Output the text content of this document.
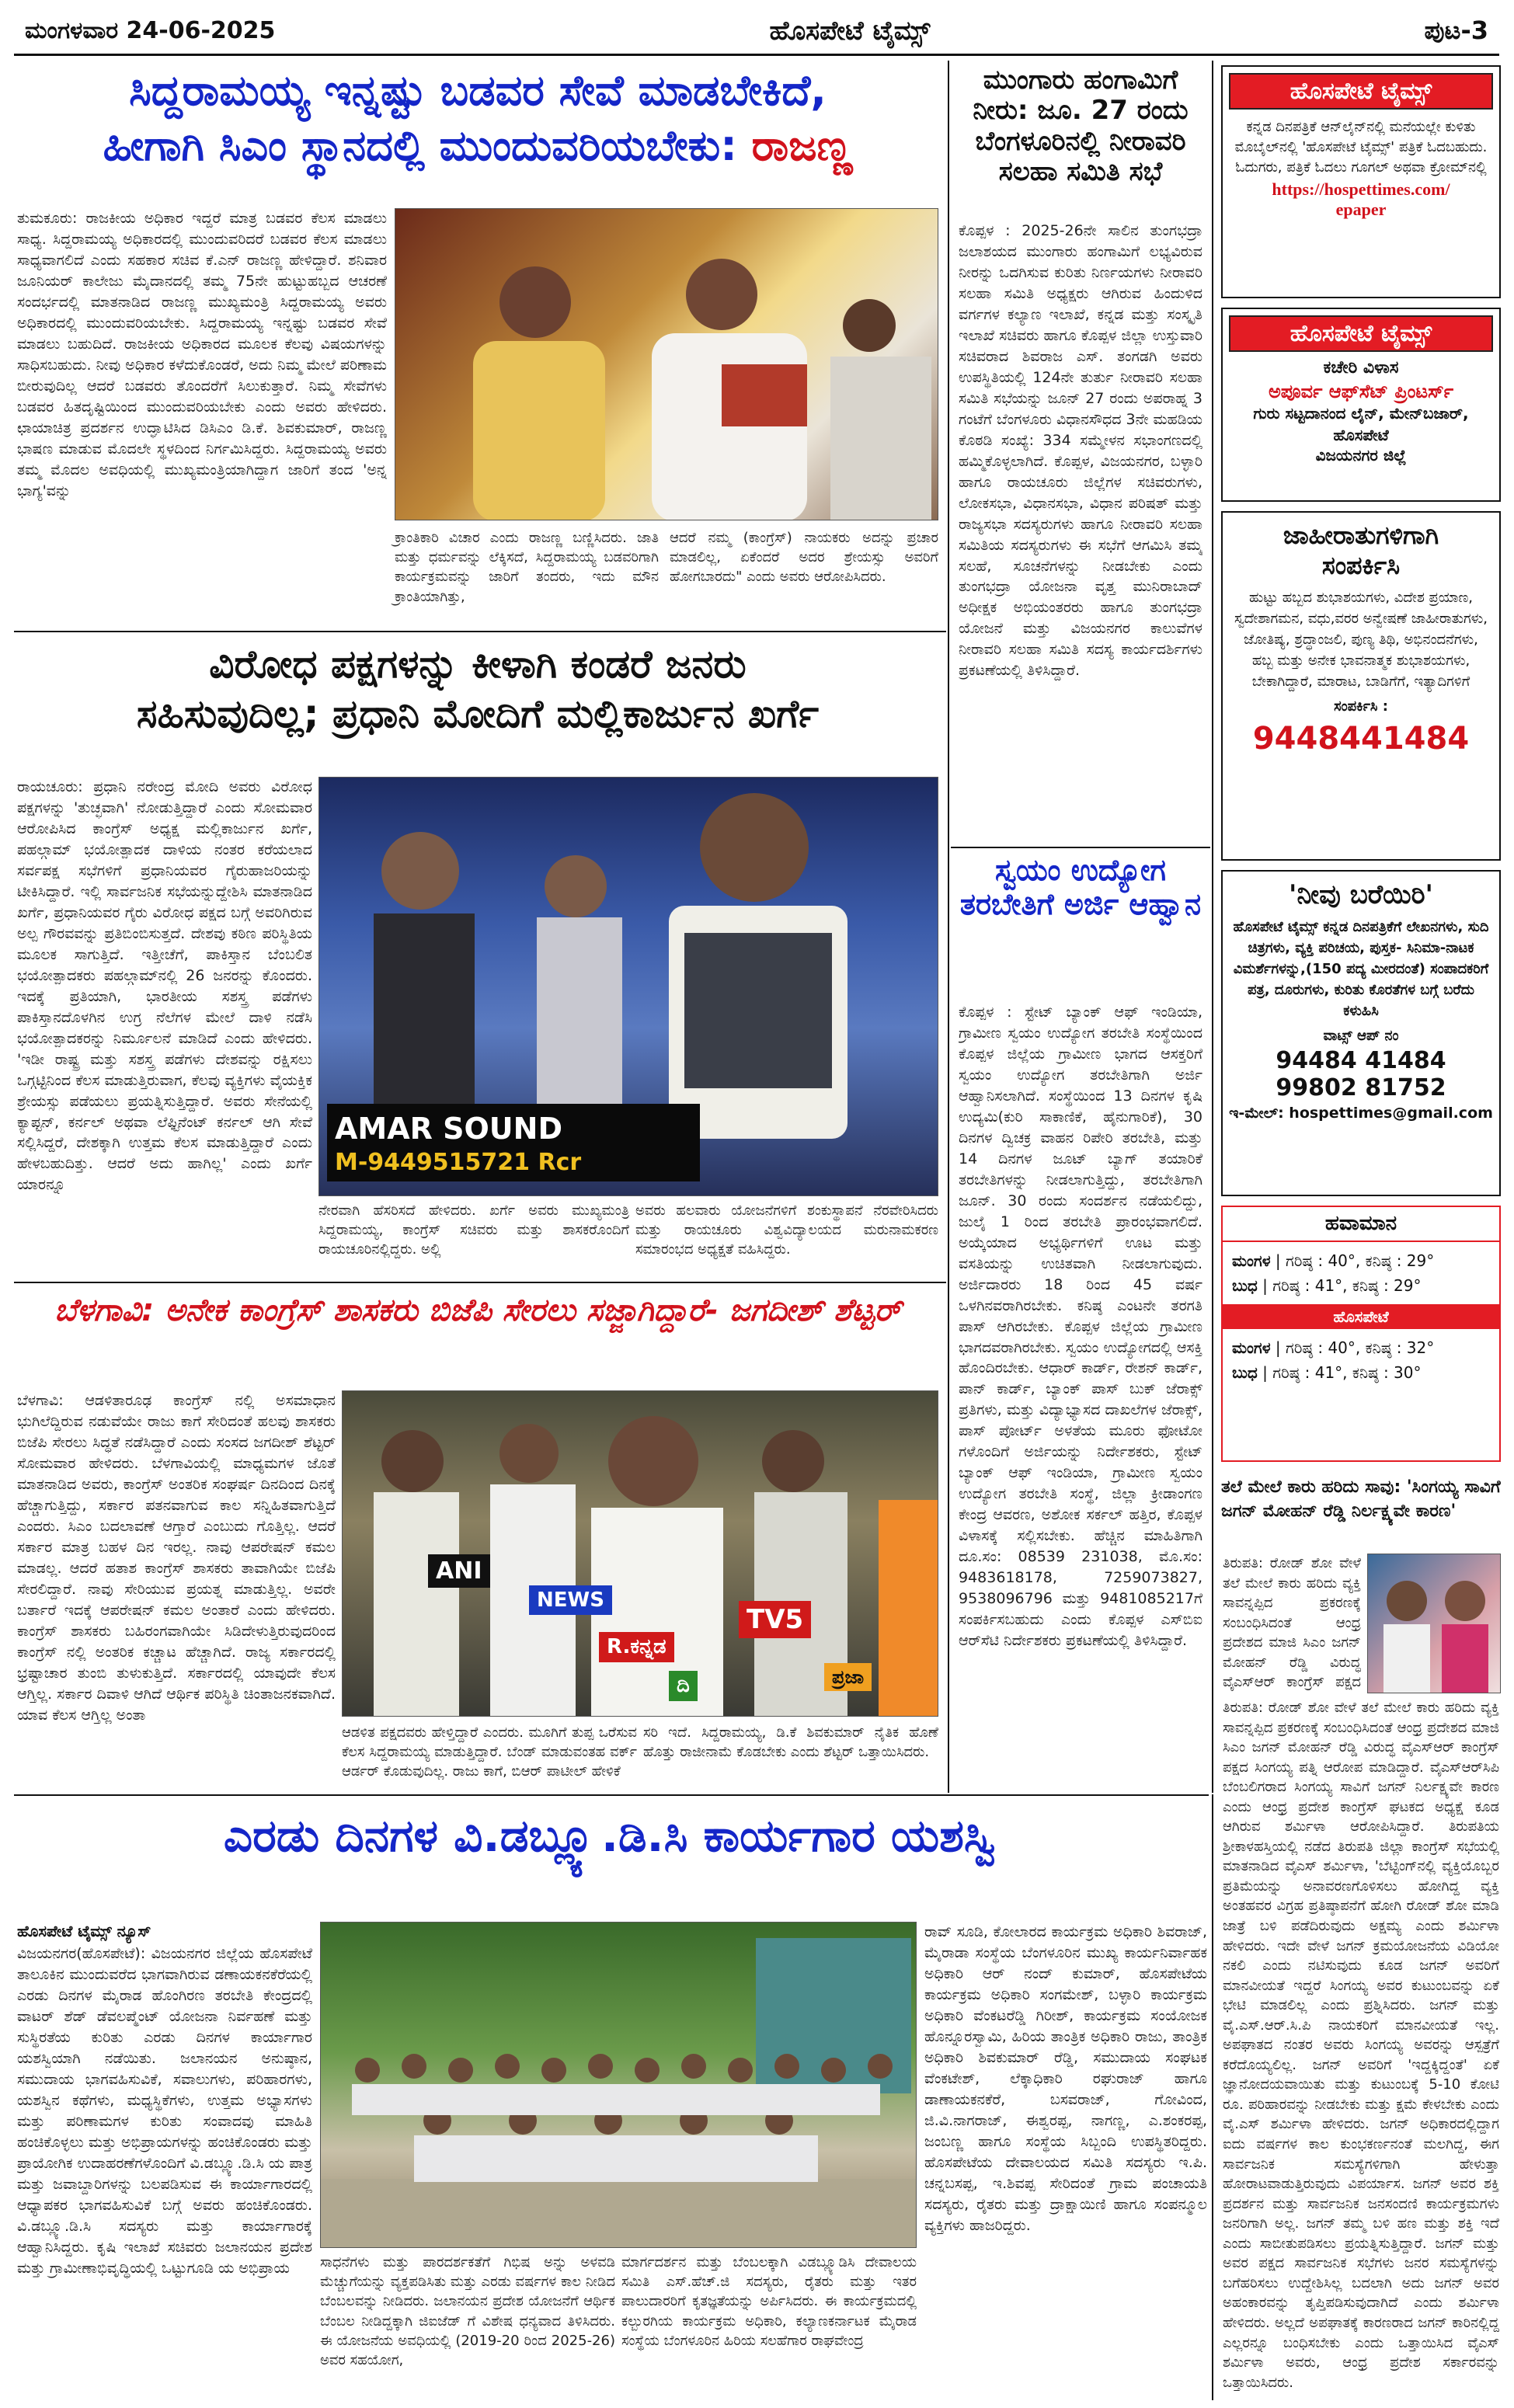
ಮಂಗಳವಾರ 24-06-2025	ಹೊಸಪೇಟೆ ಟೈಮ್ಸ್	ಪುಟ-3
ಸಿದ್ದರಾಮಯ್ಯ ಇನ್ನಷ್ಟು ಬಡವರ ಸೇವೆ ಮಾಡಬೇಕಿದೆ,
ಹೀಗಾಗಿ ಸಿಎಂ ಸ್ಥಾನದಲ್ಲಿ ಮುಂದುವರಿಯಬೇಕು: ರಾಜಣ್ಣ
ತುಮಕೂರು: ರಾಜಕೀಯ ಅಧಿಕಾರ ಇದ್ದರೆ ಮಾತ್ರ ಬಡವರ ಕೆಲಸ ಮಾಡಲು ಸಾಧ್ಯ. ಸಿದ್ದರಾಮಯ್ಯ ಅಧಿಕಾರದಲ್ಲಿ ಮುಂದುವರಿದರೆ ಬಡವರ ಕೆಲಸ ಮಾಡಲು ಸಾಧ್ಯವಾಗಲಿದೆ ಎಂದು ಸಹಕಾರ ಸಚಿವ ಕೆ.ಎನ್ ರಾಜಣ್ಣ ಹೇಳಿದ್ದಾರೆ. ಶನಿವಾರ ಜೂನಿಯರ್ ಕಾಲೇಜು ಮೈದಾನದಲ್ಲಿ ತಮ್ಮ 75ನೇ ಹುಟ್ಟುಹಬ್ಬದ ಆಚರಣೆ ಸಂದರ್ಭದಲ್ಲಿ ಮಾತನಾಡಿದ ರಾಜಣ್ಣ ಮುಖ್ಯಮಂತ್ರಿ ಸಿದ್ದರಾಮಯ್ಯ ಅವರು ಅಧಿಕಾರದಲ್ಲಿ ಮುಂದುವರಿಯಬೇಕು. ಸಿದ್ದರಾಮಯ್ಯ ಇನ್ನಷ್ಟು ಬಡವರ ಸೇವೆ ಮಾಡಲು ಬಹುದಿದೆ. ರಾಜಕೀಯ ಅಧಿಕಾರದ ಮೂಲಕ ಕೆಲವು ವಿಷಯಗಳನ್ನು ಸಾಧಿಸಬಹುದು. ನೀವು ಅಧಿಕಾರ ಕಳೆದುಕೊಂಡರೆ, ಅದು ನಿಮ್ಮ ಮೇಲೆ ಪರಿಣಾಮ ಬೀರುವುದಿಲ್ಲ ಆದರೆ ಬಡವರು ತೊಂದರೆಗೆ ಸಿಲುಕುತ್ತಾರೆ. ನಿಮ್ಮ ಸೇವೆಗಳು ಬಡವರ ಹಿತದೃಷ್ಟಿಯಿಂದ ಮುಂದುವರಿಯಬೇಕು ಎಂದು ಅವರು ಹೇಳಿದರು. ಛಾಯಾಚಿತ್ರ ಪ್ರದರ್ಶನ ಉದ್ಘಾಟಿಸಿದ ಡಿಸಿಎಂ ಡಿ.ಕೆ. ಶಿವಕುಮಾರ್, ರಾಜಣ್ಣ ಭಾಷಣ ಮಾಡುವ ಮೊದಲೇ ಸ್ಥಳದಿಂದ ನಿರ್ಗಮಿಸಿದ್ದರು. ಸಿದ್ದರಾಮಯ್ಯ ಅವರು ತಮ್ಮ ಮೊದಲ ಅವಧಿಯಲ್ಲಿ ಮುಖ್ಯಮಂತ್ರಿಯಾಗಿದ್ದಾಗ ಜಾರಿಗೆ ತಂದ 'ಅನ್ನ ಭಾಗ್ಯ'ವನ್ನು
ಕ್ರಾಂತಿಕಾರಿ ವಿಚಾರ ಎಂದು ರಾಜಣ್ಣ ಬಣ್ಣಿಸಿದರು. ಜಾತಿ ಮತ್ತು ಧರ್ಮವನ್ನು ಲೆಕ್ಕಿಸದೆ, ಸಿದ್ದರಾಮಯ್ಯ ಬಡವರಿಗಾಗಿ ಕಾರ್ಯಕ್ರಮವನ್ನು ಜಾರಿಗೆ ತಂದರು, ಇದು ಮೌನ ಕ್ರಾಂತಿಯಾಗಿತ್ತು,
ಆದರೆ ನಮ್ಮ (ಕಾಂಗ್ರೆಸ್) ನಾಯಕರು ಅದನ್ನು ಪ್ರಚಾರ ಮಾಡಲಿಲ್ಲ, ಏಕೆಂದರೆ ಅದರ ಶ್ರೇಯಸ್ಸು ಅವರಿಗೆ ಹೋಗಬಾರದು" ಎಂದು ಅವರು ಆರೋಪಿಸಿದರು.
ವಿರೋಧ ಪಕ್ಷಗಳನ್ನು ಕೀಳಾಗಿ ಕಂಡರೆ ಜನರು
ಸಹಿಸುವುದಿಲ್ಲ; ಪ್ರಧಾನಿ ಮೋದಿಗೆ ಮಲ್ಲಿಕಾರ್ಜುನ ಖರ್ಗೆ
ರಾಯಚೂರು: ಪ್ರಧಾನಿ ನರೇಂದ್ರ ಮೋದಿ ಅವರು ವಿರೋಧ ಪಕ್ಷಗಳನ್ನು 'ತುಚ್ಛವಾಗಿ' ನೋಡುತ್ತಿದ್ದಾರೆ ಎಂದು ಸೋಮವಾರ ಆರೋಪಿಸಿದ ಕಾಂಗ್ರೆಸ್ ಅಧ್ಯಕ್ಷ ಮಲ್ಲಿಕಾರ್ಜುನ ಖರ್ಗೆ, ಪಹಲ್ಗಾಮ್ ಭಯೋತ್ಪಾದಕ ದಾಳಿಯ ನಂತರ ಕರೆಯಲಾದ ಸರ್ವಪಕ್ಷ ಸಭೆಗಳಿಗೆ ಪ್ರಧಾನಿಯವರ ಗೈರುಹಾಜರಿಯನ್ನು ಟೀಕಿಸಿದ್ದಾರೆ. ಇಲ್ಲಿ ಸಾರ್ವಜನಿಕ ಸಭೆಯನ್ನುದ್ದೇಶಿಸಿ ಮಾತನಾಡಿದ ಖರ್ಗೆ, ಪ್ರಧಾನಿಯವರ ಗೈರು ವಿರೋಧ ಪಕ್ಷದ ಬಗ್ಗೆ ಅವರಿಗಿರುವ ಅಲ್ಪ ಗೌರವವನ್ನು ಪ್ರತಿಬಿಂಬಿಸುತ್ತದೆ. ದೇಶವು ಕಠಿಣ ಪರಿಸ್ಥಿತಿಯ ಮೂಲಕ ಸಾಗುತ್ತಿದೆ. ಇತ್ತೀಚೆಗೆ, ಪಾಕಿಸ್ತಾನ ಬೆಂಬಲಿತ ಭಯೋತ್ಪಾದಕರು ಪಹಲ್ಗಾಮ್‌ನಲ್ಲಿ 26 ಜನರನ್ನು ಕೊಂದರು. ಇದಕ್ಕೆ ಪ್ರತಿಯಾಗಿ, ಭಾರತೀಯ ಸಶಸ್ತ್ರ ಪಡೆಗಳು ಪಾಕಿಸ್ತಾನದೊಳಗಿನ ಉಗ್ರ ನೆಲೆಗಳ ಮೇಲೆ ದಾಳಿ ನಡೆಸಿ ಭಯೋತ್ಪಾದಕರನ್ನು ನಿರ್ಮೂಲನೆ ಮಾಡಿದೆ ಎಂದು ಹೇಳಿದರು. 'ಇಡೀ ರಾಷ್ಟ್ರ ಮತ್ತು ಸಶಸ್ತ್ರ ಪಡೆಗಳು ದೇಶವನ್ನು ರಕ್ಷಿಸಲು ಒಗ್ಗಟ್ಟಿನಿಂದ ಕೆಲಸ ಮಾಡುತ್ತಿರುವಾಗ, ಕೆಲವು ವ್ಯಕ್ತಿಗಳು ವೈಯಕ್ತಿಕ ಶ್ರೇಯಸ್ಸು ಪಡೆಯಲು ಪ್ರಯತ್ನಿಸುತ್ತಿದ್ದಾರೆ. ಅವರು ಸೇನೆಯಲ್ಲಿ ಕ್ಯಾಪ್ಟನ್, ಕರ್ನಲ್ ಅಥವಾ ಲೆಫ್ಟಿನೆಂಟ್ ಕರ್ನಲ್ ಆಗಿ ಸೇವೆ ಸಲ್ಲಿಸಿದ್ದರೆ, ದೇಶಕ್ಕಾಗಿ ಉತ್ತಮ ಕೆಲಸ ಮಾಡುತ್ತಿದ್ದಾರೆ ಎಂದು ಹೇಳಬಹುದಿತ್ತು. ಆದರೆ ಅದು ಹಾಗಿಲ್ಲ' ಎಂದು ಖರ್ಗೆ ಯಾರನ್ನೂ
AMAR SOUND
M-9449515721 Rcr
ನೇರವಾಗಿ ಹೆಸರಿಸದೆ ಹೇಳಿದರು. ಖರ್ಗೆ ಅವರು ಮುಖ್ಯಮಂತ್ರಿ ಸಿದ್ದರಾಮಯ್ಯ, ಕಾಂಗ್ರೆಸ್ ಸಚಿವರು ಮತ್ತು ಶಾಸಕರೊಂದಿಗೆ ರಾಯಚೂರಿನಲ್ಲಿದ್ದರು. ಅಲ್ಲಿ
ಅವರು ಹಲವಾರು ಯೋಜನೆಗಳಿಗೆ ಶಂಕುಸ್ಥಾಪನೆ ನೆರವೇರಿಸಿದರು ಮತ್ತು ರಾಯಚೂರು ವಿಶ್ವವಿದ್ಯಾಲಯದ ಮರುನಾಮಕರಣ ಸಮಾರಂಭದ ಅಧ್ಯಕ್ಷತೆ ವಹಿಸಿದ್ದರು.
ಬೆಳಗಾವಿ: ಅನೇಕ ಕಾಂಗ್ರೆಸ್ ಶಾಸಕರು ಬಿಜೆಪಿ ಸೇರಲು ಸಜ್ಜಾಗಿದ್ದಾರೆ- ಜಗದೀಶ್ ಶೆಟ್ಟರ್
ಬೆಳಗಾವಿ: ಆಡಳಿತಾರೂಢ ಕಾಂಗ್ರೆಸ್ ನಲ್ಲಿ ಅಸಮಾಧಾನ ಭುಗಿಲೆದ್ದಿರುವ ನಡುವೆಯೇ ರಾಜು ಕಾಗೆ ಸೇರಿದಂತೆ ಹಲವು ಶಾಸಕರು ಬಿಜೆಪಿ ಸೇರಲು ಸಿದ್ಧತೆ ನಡೆಸಿದ್ದಾರೆ ಎಂದು ಸಂಸದ ಜಗದೀಶ್ ಶೆಟ್ಟರ್ ಸೋಮವಾರ ಹೇಳಿದರು. ಬೆಳಗಾವಿಯಲ್ಲಿ ಮಾಧ್ಯಮಗಳ ಜೊತೆ ಮಾತನಾಡಿದ ಅವರು, ಕಾಂಗ್ರೆಸ್ ಅಂತರಿಕ ಸಂಘರ್ಷ ದಿನದಿಂದ ದಿನಕ್ಕೆ ಹೆಚ್ಚಾಗುತ್ತಿದ್ದು, ಸರ್ಕಾರ ಪತನವಾಗುವ ಕಾಲ ಸನ್ನಿಹಿತವಾಗುತ್ತಿದೆ ಎಂದರು. ಸಿಎಂ ಬದಲಾವಣೆ ಆಗ್ತಾರೆ ಎಂಬುದು ಗೊತ್ತಿಲ್ಲ. ಆದರೆ ಸರ್ಕಾರ ಮಾತ್ರ ಬಹಳ ದಿನ ಇರಲ್ಲ. ನಾವು ಆಪರೇಷನ್ ಕಮಲ ಮಾಡಲ್ಲ. ಆದರೆ ಹತಾಶ ಕಾಂಗ್ರೆಸ್ ಶಾಸಕರು ತಾವಾಗಿಯೇ ಬಿಜೆಪಿ ಸೇರಲಿದ್ದಾರೆ. ನಾವು ಸೇರಿಯುವ ಪ್ರಯತ್ನ ಮಾಡುತ್ತಿಲ್ಲ. ಅವರೇ ಬರ್ತಾರೆ ಇದಕ್ಕೆ ಆಪರೇಷನ್ ಕಮಲ ಅಂತಾರೆ ಎಂದು ಹೇಳಿದರು. ಕಾಂಗ್ರೆಸ್ ಶಾಸಕರು ಬಹಿರಂಗವಾಗಿಯೇ ಸಿಡಿದೇಳುತ್ತಿರುವುದರಿಂದ ಕಾಂಗ್ರೆಸ್ ನಲ್ಲಿ ಅಂತರಿಕ ಕಚ್ಚಾಟ ಹೆಚ್ಚಾಗಿದೆ. ರಾಜ್ಯ ಸರ್ಕಾರದಲ್ಲಿ ಭ್ರಷ್ಟಾಚಾರ ತುಂಬಿ ತುಳುಕುತ್ತಿದೆ. ಸರ್ಕಾರದಲ್ಲಿ ಯಾವುದೇ ಕೆಲಸ ಆಗ್ತಿಲ್ಲ. ಸರ್ಕಾರ ದಿವಾಳಿ ಆಗಿದೆ ಆರ್ಥಿಕ ಪರಿಸ್ಥಿತಿ ಚಿಂತಾಜನಕವಾಗಿದೆ. ಯಾವ ಕೆಲಸ ಆಗ್ತಿಲ್ಲ ಅಂತಾ
ANI
NEWS
R.ಕನ್ನಡ
TV5
ದಿ	ಪ್ರಜಾ
ಆಡಳಿತ ಪಕ್ಷದವರು ಹೇಳ್ತಿದ್ದಾರೆ ಎಂದರು. ಮೂಗಿಗೆ ತುಪ್ಪ ಒರೆಸುವ ಕೆಲಸ ಸಿದ್ದರಾಮಯ್ಯ ಮಾಡುತ್ತಿದ್ದಾರೆ. ಬೆಂಡ್ ಮಾಡುವಂತಹ ವರ್ಕ್ ಆರ್ಡರ್ ಕೊಡುವುದಿಲ್ಲ. ರಾಜು ಕಾಗೆ, ಬಿಆರ್ ಪಾಟೀಲ್ ಹೇಳಿಕೆ
ಸರಿ ಇದೆ. ಸಿದ್ದರಾಮಯ್ಯ, ಡಿ.ಕೆ ಶಿವಕುಮಾರ್ ನೈತಿಕ ಹೊಣೆ ಹೊತ್ತು ರಾಜೀನಾಮೆ ಕೊಡಬೇಕು ಎಂದು ಶೆಟ್ಟರ್ ಒತ್ತಾಯಿಸಿದರು.
ಮುಂಗಾರು ಹಂಗಾಮಿಗೆ ನೀರು: ಜೂ. 27 ರಂದು ಬೆಂಗಳೂರಿನಲ್ಲಿ ನೀರಾವರಿ ಸಲಹಾ ಸಮಿತಿ ಸಭೆ
ಕೊಪ್ಪಳ : 2025-26ನೇ ಸಾಲಿನ ತುಂಗಭದ್ರಾ ಜಲಾಶಯದ ಮುಂಗಾರು ಹಂಗಾಮಿಗೆ ಲಭ್ಯವಿರುವ ನೀರನ್ನು ಒದಗಿಸುವ ಕುರಿತು ನಿರ್ಣಯಗಳು ನೀರಾವರಿ ಸಲಹಾ ಸಮಿತಿ ಅಧ್ಯಕ್ಷರು ಆಗಿರುವ ಹಿಂದುಳಿದ ವರ್ಗಗಳ ಕಲ್ಯಾಣ ಇಲಾಖೆ, ಕನ್ನಡ ಮತ್ತು ಸಂಸ್ಕೃತಿ ಇಲಾಖೆ ಸಚಿವರು ಹಾಗೂ ಕೊಪ್ಪಳ ಜಿಲ್ಲಾ ಉಸ್ತುವಾರಿ ಸಚಿವರಾದ ಶಿವರಾಜ ಎಸ್. ತಂಗಡಗಿ ಅವರು ಉಪಸ್ಥಿತಿಯಲ್ಲಿ 124ನೇ ತುರ್ತು ನೀರಾವರಿ ಸಲಹಾ ಸಮಿತಿ ಸಭೆಯನ್ನು ಜೂನ್ 27 ರಂದು ಅಪರಾಹ್ನ 3 ಗಂಟೆಗೆ ಬೆಂಗಳೂರು ವಿಧಾನಸೌಧದ 3ನೇ ಮಹಡಿಯ ಕೊಠಡಿ ಸಂಖ್ಯೆ: 334 ಸಮ್ಮೇಳನ ಸಭಾಂಗಣದಲ್ಲಿ ಹಮ್ಮಿಕೊಳ್ಳಲಾಗಿದೆ. ಕೊಪ್ಪಳ, ವಿಜಯನಗರ, ಬಳ್ಳಾರಿ ಹಾಗೂ ರಾಯಚೂರು ಜಿಲ್ಲೆಗಳ ಸಚಿವರುಗಳು, ಲೋಕಸಭಾ, ವಿಧಾನಸಭಾ, ವಿಧಾನ ಪರಿಷತ್ ಮತ್ತು ರಾಜ್ಯಸಭಾ ಸದಸ್ಯರುಗಳು ಹಾಗೂ ನೀರಾವರಿ ಸಲಹಾ ಸಮಿತಿಯ ಸದಸ್ಯರುಗಳು ಈ ಸಭೆಗೆ ಆಗಮಿಸಿ ತಮ್ಮ ಸಲಹೆ, ಸೂಚನೆಗಳನ್ನು ನೀಡಬೇಕು ಎಂದು ತುಂಗಭದ್ರಾ ಯೋಜನಾ ವೃತ್ತ ಮುನಿರಾಬಾದ್ ಅಧೀಕ್ಷಕ ಅಭಿಯಂತರರು ಹಾಗೂ ತುಂಗಭದ್ರಾ ಯೋಜನೆ ಮತ್ತು ವಿಜಯನಗರ ಕಾಲುವೆಗಳ ನೀರಾವರಿ ಸಲಹಾ ಸಮಿತಿ ಸದಸ್ಯ ಕಾರ್ಯದರ್ಶಿಗಳು ಪ್ರಕಟಣೆಯಲ್ಲಿ ತಿಳಿಸಿದ್ದಾರೆ.
ಸ್ವಯಂ ಉದ್ಯೋಗ ತರಬೇತಿಗೆ ಅರ್ಜಿ ಆಹ್ವಾನ
ಕೊಪ್ಪಳ : ಸ್ಟೇಟ್ ಬ್ಯಾಂಕ್ ಆಫ್ ಇಂಡಿಯಾ, ಗ್ರಾಮೀಣ ಸ್ವಯಂ ಉದ್ಯೋಗ ತರಬೇತಿ ಸಂಸ್ಥೆಯಿಂದ ಕೊಪ್ಪಳ ಜಿಲ್ಲೆಯ ಗ್ರಾಮೀಣ ಭಾಗದ ಆಸಕ್ತರಿಗೆ ಸ್ವಯಂ ಉದ್ಯೋಗ ತರಬೇತಿಗಾಗಿ ಅರ್ಜಿ ಆಹ್ವಾನಿಸಲಾಗಿದೆ. ಸಂಸ್ಥೆಯಿಂದ 13 ದಿನಗಳ ಕೃಷಿ ಉದ್ಯಮಿ(ಕುರಿ ಸಾಕಾಣಿಕೆ, ಹೈನುಗಾರಿಕೆ), 30 ದಿನಗಳ ದ್ವಿಚಕ್ರ ವಾಹನ ರಿಪೇರಿ ತರಬೇತಿ, ಮತ್ತು 14 ದಿನಗಳ ಜೂಟ್ ಬ್ಯಾಗ್ ತಯಾರಿಕೆ ತರಬೇತಿಗಳನ್ನು ನೀಡಲಾಗುತ್ತಿದ್ದು, ತರಬೇತಿಗಾಗಿ ಜೂನ್. 30 ರಂದು ಸಂದರ್ಶನ ನಡೆಯಲಿದ್ದು, ಜುಲೈ 1 ರಿಂದ ತರಬೇತಿ ಪ್ರಾರಂಭವಾಗಲಿದೆ. ಅಯ್ಕೆಯಾದ ಅಭ್ಯರ್ಥಿಗಳಿಗೆ ಊಟ ಮತ್ತು ವಸತಿಯನ್ನು ಉಚಿತವಾಗಿ ನೀಡಲಾಗುವುದು. ಅರ್ಜಿದಾರರು 18 ರಿಂದ 45 ವರ್ಷ ಒಳಗಿನವರಾಗಿರಬೇಕು. ಕನಿಷ್ಠ ಎಂಟನೇ ತರಗತಿ ಪಾಸ್ ಆಗಿರಬೇಕು. ಕೊಪ್ಪಳ ಜಿಲ್ಲೆಯ ಗ್ರಾಮೀಣ ಭಾಗದವರಾಗಿರಬೇಕು. ಸ್ವಯಂ ಉದ್ಯೋಗದಲ್ಲಿ ಆಸಕ್ತಿ ಹೊಂದಿರಬೇಕು. ಆಧಾರ್ ಕಾರ್ಡ್, ರೇಶನ್ ಕಾರ್ಡ್, ಪಾನ್ ಕಾರ್ಡ್, ಬ್ಯಾಂಕ್ ಪಾಸ್ ಬುಕ್ ಜೆರಾಕ್ಸ್ ಪ್ರತಿಗಳು, ಮತ್ತು ವಿದ್ಯಾಭ್ಯಾಸದ ದಾಖಲೆಗಳ ಜೆರಾಕ್ಸ್, ಪಾಸ್ ಪೋರ್ಟ್ ಅಳತೆಯ ಮೂರು ಫೋಟೋ ಗಳೊಂದಿಗೆ ಅರ್ಜಿಯನ್ನು ನಿರ್ದೇಶಕರು, ಸ್ಟೇಟ್ ಬ್ಯಾಂಕ್ ಆಫ್ ಇಂಡಿಯಾ, ಗ್ರಾಮೀಣ ಸ್ವಯಂ ಉದ್ಯೋಗ ತರಬೇತಿ ಸಂಸ್ಥೆ, ಜಿಲ್ಲಾ ಕ್ರೀಡಾಂಗಣ ಕೇಂದ್ರ ಆವರಣ, ಅಶೋಕ ಸರ್ಕಲ್ ಹತ್ತಿರ, ಕೊಪ್ಪಳ ವಿಳಾಸಕ್ಕೆ ಸಲ್ಲಿಸಬೇಕು. ಹೆಚ್ಚಿನ ಮಾಹಿತಿಗಾಗಿ ದೂ.ಸಂ: 08539 231038, ಮೊ.ಸಂ: 9483618178, 7259073827, 9538096796 ಮತ್ತು 9481085217ಗೆ ಸಂಪರ್ಕಿಸಬಹುದು ಎಂದು ಕೊಪ್ಪಳ ಎಸ್‌ಬಿಐ ಆರ್‌ಸೆಟಿ ನಿರ್ದೇಶಕರು ಪ್ರಕಟಣೆಯಲ್ಲಿ ತಿಳಿಸಿದ್ದಾರೆ.
ಹೊಸಪೇಟೆ ಟೈಮ್ಸ್
ಕನ್ನಡ ದಿನಪತ್ರಿಕೆ ಆನ್‌ಲೈನ್‌ನಲ್ಲಿ ಮನೆಯಲ್ಲೇ ಕುಳಿತು ಮೊಬೈಲ್‌ನಲ್ಲಿ 'ಹೊಸಪೇಟೆ ಟೈಮ್ಸ್' ಪತ್ರಿಕೆ ಓದಬಹುದು. ಓದುಗರು, ಪತ್ರಿಕೆ ಓದಲು ಗೂಗಲ್ ಅಥವಾ ಕ್ರೋಮ್‌ನಲ್ಲಿ
https://hospettimes.com/
epaper
ಹೊಸಪೇಟೆ ಟೈಮ್ಸ್
ಕಚೇರಿ ವಿಳಾಸ
ಅಪೂರ್ವ ಆಫ್‌ಸೆಟ್ ಪ್ರಿಂಟರ್ಸ್
ಗುರು ಸಟ್ಟದಾನಂದ ಲೈನ್, ಮೇನ್‌ಬಜಾರ್, ಹೊಸಪೇಟೆ
ವಿಜಯನಗರ ಜಿಲ್ಲೆ
ಜಾಹೀರಾತುಗಳಿಗಾಗಿ
ಸಂಪರ್ಕಿಸಿ
ಹುಟ್ಟು ಹಬ್ಬದ ಶುಭಾಶಯಗಳು, ವಿದೇಶ ಪ್ರಯಾಣ, ಸ್ವದೇಶಾಗಮನ, ವಧು,ವರರ ಅನ್ವೇಷಣೆ ಜಾಹೀರಾತುಗಳು, ಜೋತಿಷ್ಯ, ಶ್ರದ್ಧಾಂಜಲಿ, ಪುಣ್ಯ ತಿಥಿ, ಅಭಿನಂದನೆಗಳು, ಹಬ್ಬ ಮತ್ತು ಅನೇಕ ಭಾವನಾತ್ಮಕ ಶುಭಾಶಯಗಳು, ಬೇಕಾಗಿದ್ದಾರೆ, ಮಾರಾಟ, ಬಾಡಿಗೆಗೆ, ಇತ್ಯಾದಿಗಳಿಗೆ
ಸಂಪರ್ಕಿಸಿ :
9448441484
'ನೀವು ಬರೆಯಿರಿ'
ಹೊಸಪೇಟೆ ಟೈಮ್ಸ್ ಕನ್ನಡ ದಿನಪತ್ರಿಕೆಗೆ ಲೇಖನಗಳು, ಸುದಿ ಚಿತ್ರಗಳು, ವ್ಯಕ್ತಿ ಪರಿಚಯ, ಪುಸ್ತಕ- ಸಿನಿಮಾ-ನಾಟಕ ವಿಮರ್ಶೆಗಳನ್ನು,(150 ಪದ್ಯ ಮೀರದಂತೆ) ಸಂಪಾದಕರಿಗೆ ಪತ್ರ, ದೂರುಗಳು, ಕುರಿತು ಕೊರತೆಗಳ ಬಗ್ಗೆ ಬರೆದು ಕಳುಹಿಸಿ
ವಾಟ್ಸ್ ಆಪ್ ನಂ
94484 41484
99802 81752
ಇ-ಮೇಲ್: hospettimes@gmail.com
ಹವಾಮಾನ
ಮಂಗಳ | ಗರಿಷ್ಠ : 40°, ಕನಿಷ್ಠ : 29°
ಬುಧ | ಗರಿಷ್ಠ : 41°, ಕನಿಷ್ಠ : 29°
ಹೊಸಪೇಟೆ
ಮಂಗಳ | ಗರಿಷ್ಠ : 40°, ಕನಿಷ್ಠ : 32°
ಬುಧ | ಗರಿಷ್ಠ : 41°, ಕನಿಷ್ಠ : 30°
ತಲೆ ಮೇಲೆ ಕಾರು ಹರಿದು ಸಾವು: 'ಸಿಂಗಯ್ಯ ಸಾವಿಗೆ ಜಗನ್ ಮೋಹನ್ ರೆಡ್ಡಿ ನಿರ್ಲಕ್ಷ್ಯವೇ ಕಾರಣ'
ತಿರುಪತಿ: ರೋಡ್ ಶೋ ವೇಳೆ ತಲೆ ಮೇಲೆ ಕಾರು ಹರಿದು ವ್ಯಕ್ತಿ ಸಾವನ್ನಪ್ಪಿದ ಪ್ರಕರಣಕ್ಕೆ ಸಂಬಂಧಿಸಿದಂತೆ ಆಂಧ್ರ ಪ್ರದೇಶದ ಮಾಜಿ ಸಿಎಂ ಜಗನ್ ಮೋಹನ್ ರೆಡ್ಡಿ ವಿರುದ್ಧ ವೈಎಸ್ಆರ್ ಕಾಂಗ್ರೆಸ್ ಪಕ್ಷದ
ತಿರುಪತಿ: ರೋಡ್ ಶೋ ವೇಳೆ ತಲೆ ಮೇಲೆ ಕಾರು ಹರಿದು ವ್ಯಕ್ತಿ ಸಾವನ್ನಪ್ಪಿದ ಪ್ರಕರಣಕ್ಕೆ ಸಂಬಂಧಿಸಿದಂತೆ ಆಂಧ್ರ ಪ್ರದೇಶದ ಮಾಜಿ ಸಿಎಂ ಜಗನ್ ಮೋಹನ್ ರೆಡ್ಡಿ ವಿರುದ್ಧ ವೈಎಸ್ಆರ್ ಕಾಂಗ್ರೆಸ್ ಪಕ್ಷದ ಸಿಂಗಯ್ಯ ಪತ್ನಿ ಆರೋಪ ಮಾಡಿದ್ದಾರೆ. ವೈಎಸ್ಆರ್‌ಸಿಪಿ ಬೆಂಬಲಿಗರಾದ ಸಿಂಗಯ್ಯ ಸಾವಿಗೆ ಜಗನ್ ನಿರ್ಲಕ್ಷ್ಯವೇ ಕಾರಣ ಎಂದು ಆಂಧ್ರ ಪ್ರದೇಶ ಕಾಂಗ್ರೆಸ್ ಘಟಕದ ಅಧ್ಯಕ್ಷೆ ಕೂಡ ಆಗಿರುವ ಶರ್ಮಿಳಾ ಆರೋಪಿಸಿದ್ದಾರೆ. ತಿರುಪತಿಯ ಶ್ರೀಕಾಳಹಸ್ತಿಯಲ್ಲಿ ನಡೆದ ತಿರುಪತಿ ಜಿಲ್ಲಾ ಕಾಂಗ್ರೆಸ್ ಸಭೆಯಲ್ಲಿ ಮಾತನಾಡಿದ ವೈಎಸ್ ಶರ್ಮಿಳಾ, 'ಬೆಟ್ಟಿಂಗ್‌ನಲ್ಲಿ ವ್ಯಕ್ತಿಯೊಬ್ಬರ ಪ್ರತಿಮೆಯನ್ನು ಅನಾವರಣಗೊಳಿಸಲು ಹೋಗಿದ್ದ ವ್ಯಕ್ತಿ ಅಂತಹವರ ವಿಗ್ರಹ ಪ್ರತಿಷ್ಠಾಪನೆಗೆ ಹೋಗಿ ರೋಡ್ ಶೋ ಮಾಡಿ ಜಾತ್ರೆ ಬಳಿ ಪಡೆದಿರುವುದು ಅಕ್ಷಮ್ಯ ಎಂದು ಶರ್ಮಿಳಾ ಹೇಳಿದರು. ಇದೇ ವೇಳೆ ಜಗನ್ ಕ್ರಮಯೋಜನೆಯ ವಿಡಿಯೋ ನಕಲಿ ಎಂದು ನಟಿಸುವುದು ಕೂಡ ಜಗನ್ ಅವರಿಗೆ ಮಾನವೀಯತೆ ಇದ್ದರೆ ಸಿಂಗಯ್ಯ ಅವರ ಕುಟುಂಬವನ್ನು ಏಕೆ ಭೇಟಿ ಮಾಡಲಿಲ್ಲ ಎಂದು ಪ್ರಶ್ನಿಸಿದರು. ಜಗನ್ ಮತ್ತು ವೈ.ಎಸ್.ಆರ್.ಸಿ.ಪಿ ನಾಯಕರಿಗೆ ಮಾನವೀಯತೆ ಇಲ್ಲ. ಅಪಘಾತದ ನಂತರ ಅವರು ಸಿಂಗಯ್ಯ ಅವರನ್ನು ಆಸ್ಪತ್ರೆಗೆ ಕರೆದೊಯ್ಯಲಿಲ್ಲ. ಜಗನ್ ಅವರಿಗೆ 'ಇದ್ದಕ್ಕಿದ್ದಂತೆ' ಏಕೆ ಜ್ಞಾನೋದಯವಾಯಿತು ಮತ್ತು ಕುಟುಂಬಕ್ಕೆ 5-10 ಕೋಟಿ ರೂ. ಪರಿಹಾರವನ್ನು ನೀಡಬೇಕು ಮತ್ತು ಕ್ಷಮೆ ಕೇಳಬೇಕು ಎಂದು ವೈ.ಎಸ್ ಶರ್ಮಿಳಾ ಹೇಳಿದರು. ಜಗನ್ ಅಧಿಕಾರದಲ್ಲಿದ್ದಾಗ ಐದು ವರ್ಷಗಳ ಕಾಲ ಕುಂಭಕರ್ಣನಂತೆ ಮಲಗಿದ್ದ, ಈಗ ಸಾರ್ವಜನಿಕ ಸಮಸ್ಯೆಗಳಿಗಾಗಿ ಹೇಳುತ್ತಾ ಹೋರಾಟವಾಡುತ್ತಿರುವುದು ವಿಪರ್ಯಾಸ. ಜಗನ್ ಅವರ ಶಕ್ತಿ ಪ್ರದರ್ಶನ ಮತ್ತು ಸಾರ್ವಜನಿಕ ಜನಸಂದಣಿ ಕಾರ್ಯಕ್ರಮಗಳು ಜನರಿಗಾಗಿ ಅಲ್ಲ. ಜಗನ್ ತಮ್ಮ ಬಳಿ ಹಣ ಮತ್ತು ಶಕ್ತಿ ಇದೆ ಎಂದು ಸಾಬೀತುಪಡಿಸಲು ಪ್ರಯತ್ನಿಸುತ್ತಿದ್ದಾರೆ. ಜಗನ್ ಮತ್ತು ಅವರ ಪಕ್ಷದ ಸಾರ್ವಜನಿಕ ಸಭೆಗಳು ಜನರ ಸಮಸ್ಯೆಗಳನ್ನು ಬಗೆಹರಿಸಲು ಉದ್ದೇಶಿಸಿಲ್ಲ ಬದಲಾಗಿ ಅದು ಜಗನ್ ಅವರ ಅಹಂಕಾರವನ್ನು ತೃಪ್ತಿಪಡಿಸುವುದಾಗಿದೆ ಎಂದು ಶರ್ಮಿಳಾ ಹೇಳಿದರು. ಅಲ್ಲದೆ ಅಪಘಾತಕ್ಕೆ ಕಾರಣರಾದ ಜಗನ್ ಕಾರಿನಲ್ಲಿದ್ದ ಎಲ್ಲರನ್ನೂ ಬಂಧಿಸಬೇಕು ಎಂದು ಒತ್ತಾಯಿಸಿದ ವೈಎಸ್ ಶರ್ಮಿಳಾ ಅವರು, ಆಂಧ್ರ ಪ್ರದೇಶ ಸರ್ಕಾರವನ್ನು ಒತ್ತಾಯಿಸಿದರು.
ಎರಡು ದಿನಗಳ ವಿ.ಡಬ್ಲ್ಯೂ.ಡಿ.ಸಿ ಕಾರ್ಯಗಾರ ಯಶಸ್ವಿ
ಹೊಸಪೇಟೆ ಟೈಮ್ಸ್ ನ್ಯೂಸ್
ವಿಜಯನಗರ(ಹೊಸಪೇಟೆ): ವಿಜಯನಗರ ಜಿಲ್ಲೆಯ ಹೊಸಪೇಟೆ ತಾಲೂಕಿನ ಮುಂದುವರೆದ ಭಾಗವಾಗಿರುವ ಡಣಾಯಕನಕೆರೆಯಲ್ಲಿ ಎರಡು ದಿನಗಳ ಮೈರಾಡ ಹೊಂಗಿರಣ ತರಬೇತಿ ಕೇಂದ್ರದಲ್ಲಿ ವಾಟರ್ ಶೆಡ್ ಡೆವಲಪ್ಮೆಂಟ್ ಯೋಜನಾ ನಿರ್ವಹಣೆ ಮತ್ತು ಸುಸ್ಥಿರತೆಯ ಕುರಿತು ಎರಡು ದಿನಗಳ ಕಾರ್ಯಾಗಾರ ಯಶಸ್ವಿಯಾಗಿ ನಡೆಯಿತು. ಜಲಾನಯನ ಅನುಷ್ಠಾನ, ಸಮುದಾಯ ಭಾಗವಹಿಸುವಿಕೆ, ಸವಾಲುಗಳು, ಪರಿಹಾರಗಳು, ಯಶಸ್ವಿನ ಕಥೆಗಳು, ಮಧ್ಯಸ್ಥಿಕೆಗಳು, ಉತ್ತಮ ಅಭ್ಯಾಸಗಳು ಮತ್ತು ಪರಿಣಾಮಗಳ ಕುರಿತು ಸಂವಾದವು ಮಾಹಿತಿ ಹಂಚಿಕೊಳ್ಳಲು ಮತ್ತು ಅಭಿಪ್ರಾಯಗಳನ್ನು ಹಂಚಿಕೊಂಡರು ಮತ್ತು ಪ್ರಾಯೋಗಿಕ ಉದಾಹರಣೆಗಳೊಂದಿಗೆ ವಿ.ಡಬ್ಲ್ಯೂ.ಡಿ.ಸಿ ಯ ಪಾತ್ರ ಮತ್ತು ಜವಾಬ್ದಾರಿಗಳನ್ನು ಬಲಪಡಿಸುವ ಈ ಕಾರ್ಯಾಗಾರದಲ್ಲಿ ಆಧ್ಯಾಪಕರ ಭಾಗವಹಿಸುವಿಕೆ ಬಗ್ಗೆ ಅವರು ಹಂಚಿಕೊಂಡರು. ವಿ.ಡಬ್ಲ್ಯೂ.ಡಿ.ಸಿ ಸದಸ್ಯರು ಮತ್ತು ಕಾರ್ಯಾಗಾರಕ್ಕೆ ಆಹ್ವಾನಿಸಿದ್ದರು. ಕೃಷಿ ಇಲಾಖೆ ಸಚಿವರು ಜಲಾನಯನ ಪ್ರದೇಶ ಮತ್ತು ಗ್ರಾಮೀಣಾಭಿವೃದ್ಧಿಯಲ್ಲಿ ಒಟ್ಟುಗೂಡಿ ಯ ಅಭಿಪ್ರಾಯ	ಸಾಧನೆಗಳು ಮತ್ತು ಪಾರದರ್ಶಕತೆಗೆ ಗಿಭಿಷ ಅನ್ನು ಅಳವಡಿ ಮೆಚ್ಚುಗೆಯನ್ನು ವ್ಯಕ್ತಪಡಿಸಿತು ಮತ್ತು ಎರಡು ವರ್ಷಗಳ ಕಾಲ ನೀಡಿದ ಬೆಂಬಲವನ್ನು ನೀಡಿದರು. ಜಲಾನಯನ ಪ್ರದೇಶ ಯೋಜನೆಗೆ ಆರ್ಥಿಕ ಬೆಂಬಲ ನೀಡಿದ್ದಕ್ಕಾಗಿ ಜಿಐಜೆಡ್ ಗೆ ವಿಶೇಷ ಧನ್ಯವಾದ ತಿಳಿಸಿದರು. ಈ ಯೋಜನೆಯ ಅವಧಿಯಲ್ಲಿ (2019-20 ರಿಂದ 2025-26) ಅವರ ಸಹಯೋಗ,
ಮಾರ್ಗದರ್ಶನ ಮತ್ತು ಬೆಂಬಲಕ್ಕಾಗಿ ವಿಡಬ್ಲ್ಯೂಡಿಸಿ ದೇವಾಲಯ ಸಮಿತಿ ಎಸ್.ಹೆಚ್.ಜಿ ಸದಸ್ಯರು, ರೈತರು ಮತ್ತು ಇತರ ಪಾಲುದಾರರಿಗೆ ಕೃತಜ್ಞತೆಯನ್ನು ಅರ್ಪಿಸಿದರು. ಈ ಕಾರ್ಯಕ್ರಮದಲ್ಲಿ ಕಲ್ಬುರಗಿಯ ಕಾರ್ಯಕ್ರಮ ಅಧಿಕಾರಿ, ಕಲ್ಯಾಣಕರ್ನಾಟಕ ಮೈರಾಡ ಸಂಸ್ಥೆಯ ಬೆಂಗಳೂರಿನ ಹಿರಿಯ ಸಲಹೆಗಾರ ರಾಘವೇಂದ್ರ
ರಾವ್ ಸೂಡಿ, ಕೋಲಾರದ ಕಾರ್ಯಕ್ರಮ ಅಧಿಕಾರಿ ಶಿವರಾಜ್, ಮೈರಾಡಾ ಸಂಸ್ಥೆಯ ಬೆಂಗಳೂರಿನ ಮುಖ್ಯ ಕಾರ್ಯನಿರ್ವಾಹಕ ಅಧಿಕಾರಿ ಆರ್ ನಂದ್ ಕುಮಾರ್, ಹೊಸಪೇಟೆಯ ಕಾರ್ಯಕ್ರಮ ಅಧಿಕಾರಿ ಸಂಗಮೇಶ್, ಬಳ್ಳಾರಿ ಕಾರ್ಯಕ್ರಮ ಅಧಿಕಾರಿ ವೆಂಕಟರೆಡ್ಡಿ ಗಿರೀಶ್, ಕಾರ್ಯಕ್ರಮ ಸಂಯೋಜಕ ಹೊನ್ನೂರಸ್ವಾಮಿ, ಹಿರಿಯ ತಾಂತ್ರಿಕ ಅಧಿಕಾರಿ ರಾಜು, ತಾಂತ್ರಿಕ ಅಧಿಕಾರಿ ಶಿವಕುಮಾರ್ ರೆಡ್ಡಿ, ಸಮುದಾಯ ಸಂಘಟಕ ವೆಂಕಟೇಶ್, ಲೆಕ್ಕಾಧಿಕಾರಿ ರಘುರಾಜ್ ಹಾಗೂ ಡಾಣಾಯಕನಕೆರೆ, ಬಸವರಾಜ್, ಗೋವಿಂದ, ಜಿ.ವಿ.ನಾಗರಾಜ್, ಈಶ್ವರಪ್ಪ, ನಾಗಣ್ಣ, ಎ.ಶಂಕರಪ್ಪ, ಜಂಬಣ್ಣ ಹಾಗೂ ಸಂಸ್ಥೆಯ ಸಿಬ್ಬಂದಿ ಉಪಸ್ಥಿತರಿದ್ದರು. ಹೊಸಪೇಟೆಯ ದೇವಾಲಯದ ಸಮಿತಿ ಸದಸ್ಯರು ಇ.ಪಿ. ಚನ್ನಬಸಪ್ಪ, ಇ.ಶಿವಪ್ಪ ಸೇರಿದಂತೆ ಗ್ರಾಮ ಪಂಚಾಯತಿ ಸದಸ್ಯರು, ರೈತರು ಮತ್ತು ದ್ರಾಕ್ಷಾಯಿಣಿ ಹಾಗೂ ಸಂಪನ್ಮೂಲ ವ್ಯಕ್ತಿಗಳು ಹಾಜರಿದ್ದರು.
